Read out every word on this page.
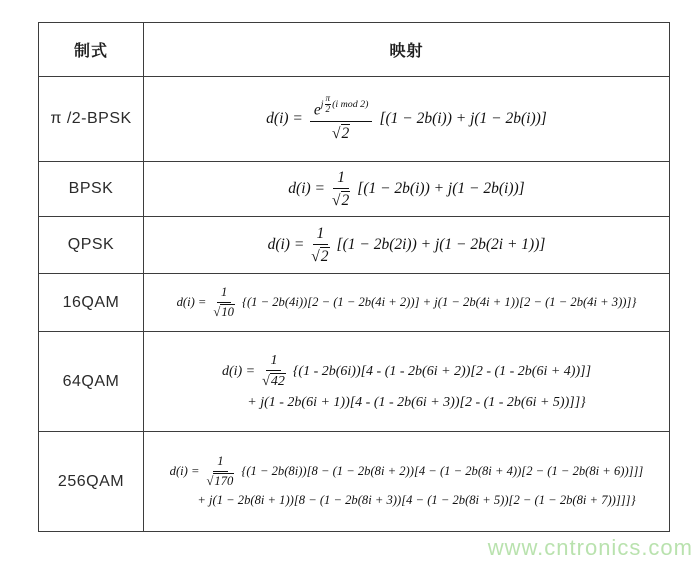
制式	映射
π /2-BPSK	$d(i) = e^{j \frac{\pi}{2} (i mod 2)}$
√ 2 [(1 − 2b(i)) + j(1 − 2b(i))]

BPSK	d(i) = 1
√ 2 [(1 − 2b(i)) + j(1 − 2b(i))]

QPSK	d(i) = 1
√ 2 [(1 − 2b(2i)) + j(1 − 2b(2i + 1))]

16QAM	d(i) = 1
√ 10 {(1 − 2b(4i))[2 − (1 − 2b(4i + 2))] + j(1 − 2b(4i + 1))[2 − (1 − 2b(4i + 3))]}

64QAM	d(i) = 1
√ 42 {(1 - 2b(6i))[4 - (1 - 2b(6i + 2))[2 - (1 - 2b(6i + 4))]]
+ j(1 - 2b(6i + 1))[4 - (1 - 2b(6i + 3))[2 - (1 - 2b(6i + 5))]]}

256QAM	d(i) = 1
√ 170 {(1 − 2b(8i))[8 − (1 − 2b(8i + 2))[4 − (1 − 2b(8i + 4))[2 − (1 − 2b(8i + 6))]]]
+ j(1 − 2b(8i + 1))[8 − (1 − 2b(8i + 3))[4 − (1 − 2b(8i + 5))[2 − (1 − 2b(8i + 7))]]]}
www.cntronics.com
